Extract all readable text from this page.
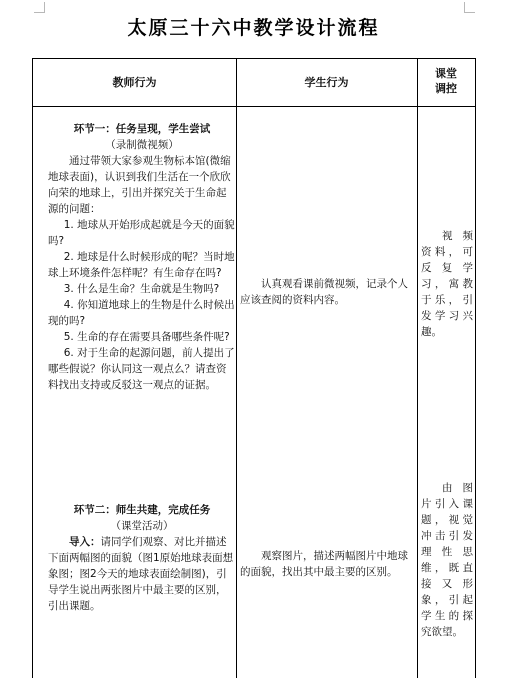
太原三十六中教学设计流程
教师行为	学生行为
课堂
调控
环节一：任务呈现，学生尝试
（录制微视频）

通过带领大家参观生物标本馆(微缩地球表面)，认识到我们生活在一个欣欣向荣的地球上，引出并探究关于生命起源的问题：

1. 地球从开始形成起就是今天的面貌吗?

2. 地球是什么时候形成的呢？当时地球上环境条件怎样呢？有生命存在吗?

3. 什么是生命？生命就是生物吗?

4. 你知道地球上的生物是什么时候出现的吗?

5. 生命的存在需要具备哪些条件呢?

6. 对于生命的起源问题，前人提出了哪些假说？你认同这一观点么？请查资料找出支持或反驳这一观点的证据。

认真观看课前微视频，记录个人应该查阅的资料内容。
视频资料，可反复学习，寓教于乐，引发学习兴趣。
环节二：师生共建，完成任务
（课堂活动）

导入：请同学们观察、对比并描述下面两幅图的面貌（图1原始地球表面想象图；图2今天的地球表面绘制图)，引导学生说出两张图片中最主要的区别，引出课题。

观察图片，描述两幅图片中地球的面貌，找出其中最主要的区别。
由图片引入课题，视觉冲击引发理性思维，既直接又形象，引起学生的探究欲望。
